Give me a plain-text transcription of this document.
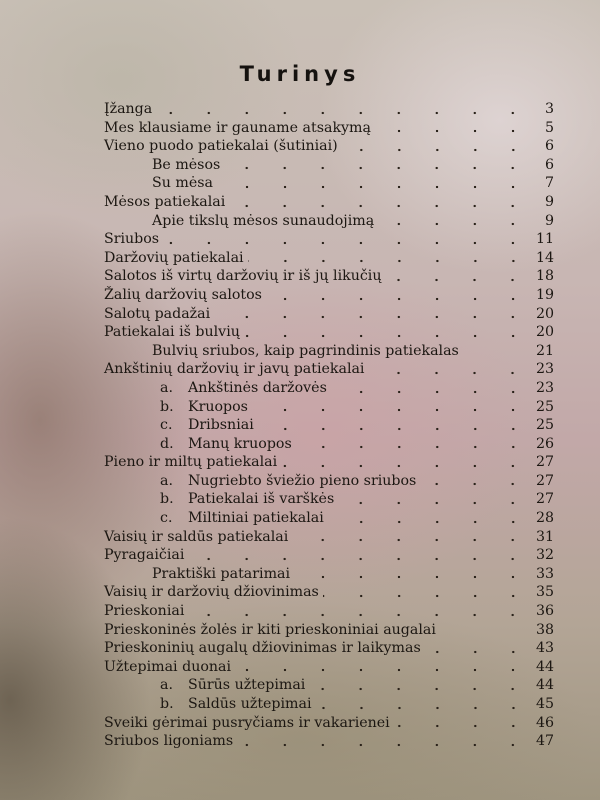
Turinys
Įžanga	3
Mes klausiame ir gauname atsakymą	5
Vieno puodo patiekalai (šutiniai)	6
Be mėsos	6
Su mėsa	7
Mėsos patiekalai	9
Apie tikslų mėsos sunaudojimą	9
Sriubos	11
Daržovių patiekalai	14
Salotos iš virtų daržovių ir iš jų likučių	18
Žalių daržovių salotos	19
Salotų padažai	20
Patiekalai iš bulvių	20
Bulvių sriubos, kaip pagrindinis patiekalas	21
Ankštinių daržovių ir javų patiekalai	23
a. Ankštinės daržovės	23
b. Kruopos	25
c. Dribsniai	25
d. Manų kruopos	26
Pieno ir miltų patiekalai	27
a. Nugriebto šviežio pieno sriubos	27
b. Patiekalai iš varškės	27
c. Miltiniai patiekalai	28
Vaisių ir saldūs patiekalai	31
Pyragaičiai	32
Praktiški patarimai	33
Vaisių ir daržovių džiovinimas	35
Prieskoniai	36
Prieskoninės žolės ir kiti prieskoniniai augalai	38
Prieskoninių augalų džiovinimas ir laikymas	43
Užtepimai duonai	44
a. Sūrūs užtepimai	44
b. Saldūs užtepimai	45
Sveiki gėrimai pusryčiams ir vakarienei	46
Sriubos ligoniams	47
